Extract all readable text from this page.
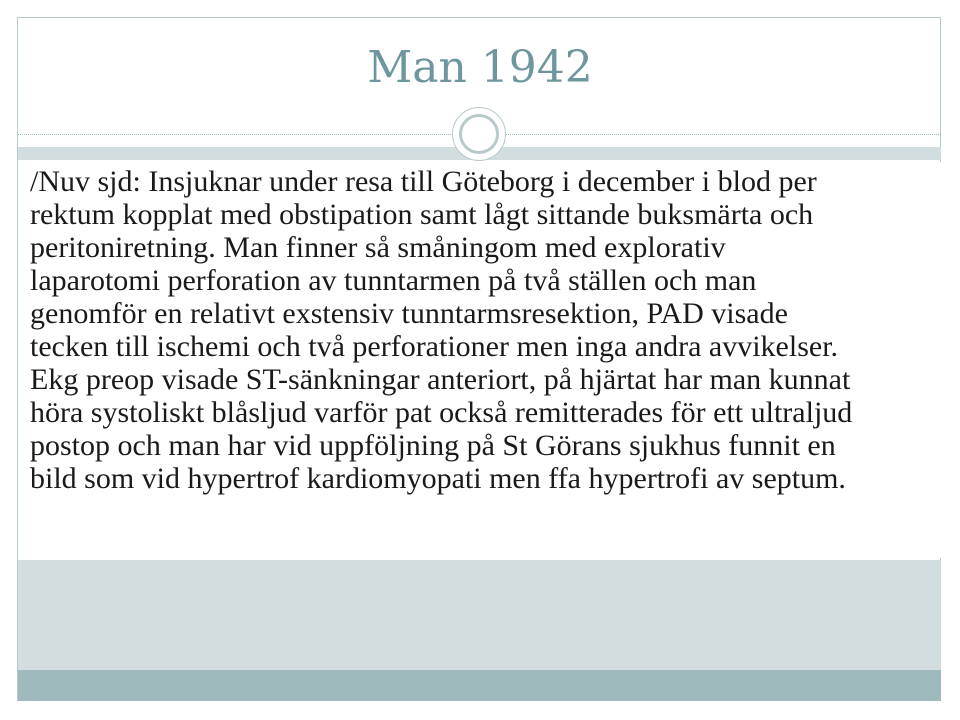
Man 1942
/Nuv sjd: Insjuknar under resa till Göteborg i december i blod per
rektum kopplat med obstipation samt lågt sittande buksmärta och
peritoniretning. Man finner så småningom med explorativ
laparotomi perforation av tunntarmen på två ställen och man
genomför en relativt exstensiv tunntarmsresektion, PAD visade
tecken till ischemi och två perforationer men inga andra avvikelser.
Ekg preop visade ST-sänkningar anteriort, på hjärtat har man kunnat
höra systoliskt blåsljud varför pat också remitterades för ett ultraljud
postop och man har vid uppföljning på St Görans sjukhus funnit en
bild som vid hypertrof kardiomyopati men ffa hypertrofi av septum.
